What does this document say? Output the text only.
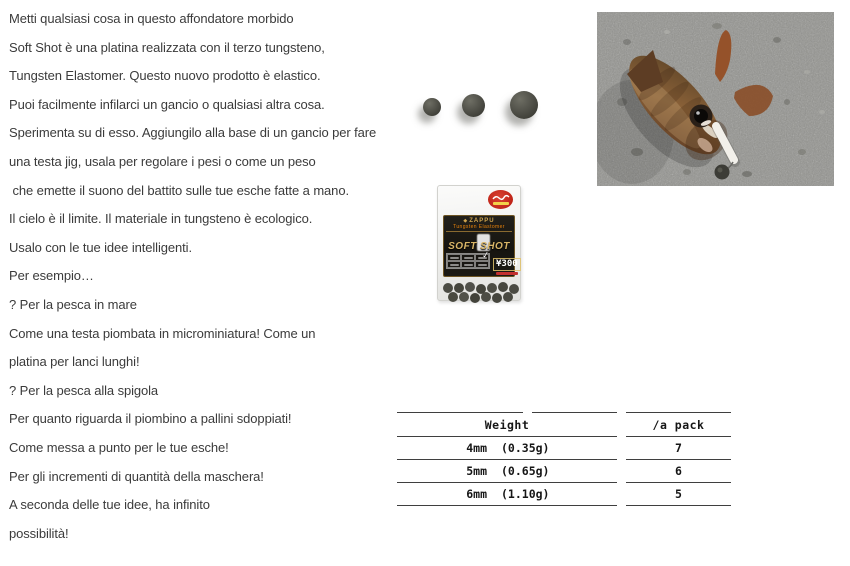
Metti qualsiasi cosa in questo affondatore morbido
Soft Shot è una platina realizzata con il terzo tungsteno,
Tungsten Elastomer. Questo nuovo prodotto è elastico.
Puoi facilmente infilarci un gancio o qualsiasi altra cosa.
Sperimenta su di esso. Aggiungilo alla base di un gancio per fare
una testa jig, usala per regolare i pesi o come un peso
che emette il suono del battito sulle tue esche fatte a mano.
Il cielo è il limite. Il materiale in tungsteno è ecologico.
Usalo con le tue idee intelligenti.
Per esempio…
? Per la pesca in mare
Come una testa piombata in microminiatura! Come un
platina per lanci lunghi!
? Per la pesca alla spigola
Per quanto riguarda il piombino a pallini sdoppiati!
Come messa a punto per le tue esche!
Per gli incrementi di quantità della maschera!
A seconda delle tue idee, ha infinito
possibilità!
◆ ZAPPU
Tungsten Elastomer
SOFT SHOT
✓
¥300

Weight		/a pack

4mm (0.35g)		7

5mm (0.65g)		6

6mm (1.10g)		5
